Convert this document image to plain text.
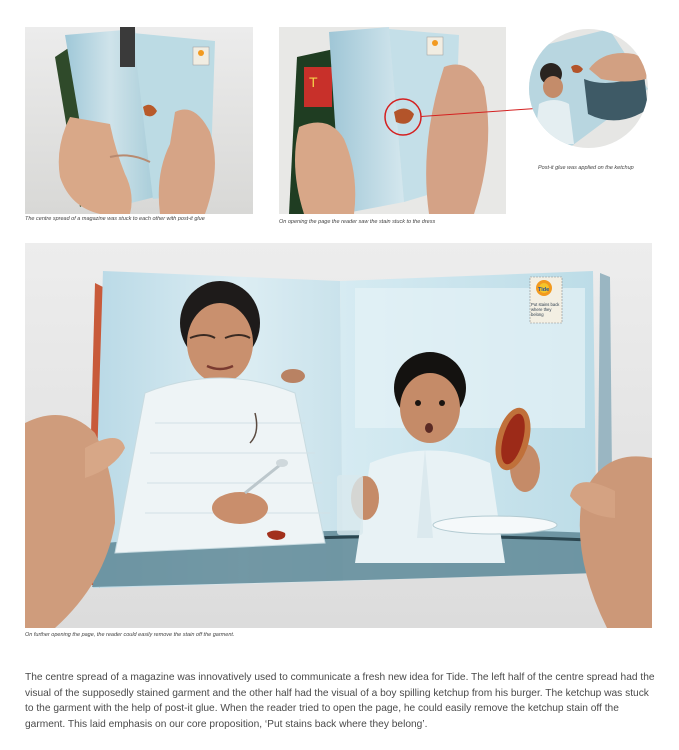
The centre spread of a magazine was stuck to each other with post-it glue
T
On opening the page the reader saw the stain stuck to the dress
Post-it glue was applied on the ketchup
Tide
Put stains back where they belong
On further opening the page, the reader could easily remove the stain off the garment.

The centre spread of a magazine was innovatively used to communicate a fresh new idea for Tide. The left half of the centre spread had the visual of the supposedly stained garment and the other half had the visual of a boy spilling ketchup from his burger. The ketchup was stuck to the garment with the help of post-it glue. When the reader tried to open the page, he could easily remove the ketchup stain off the garment. This laid emphasis on our core proposition, ‘Put stains back where they belong’.
